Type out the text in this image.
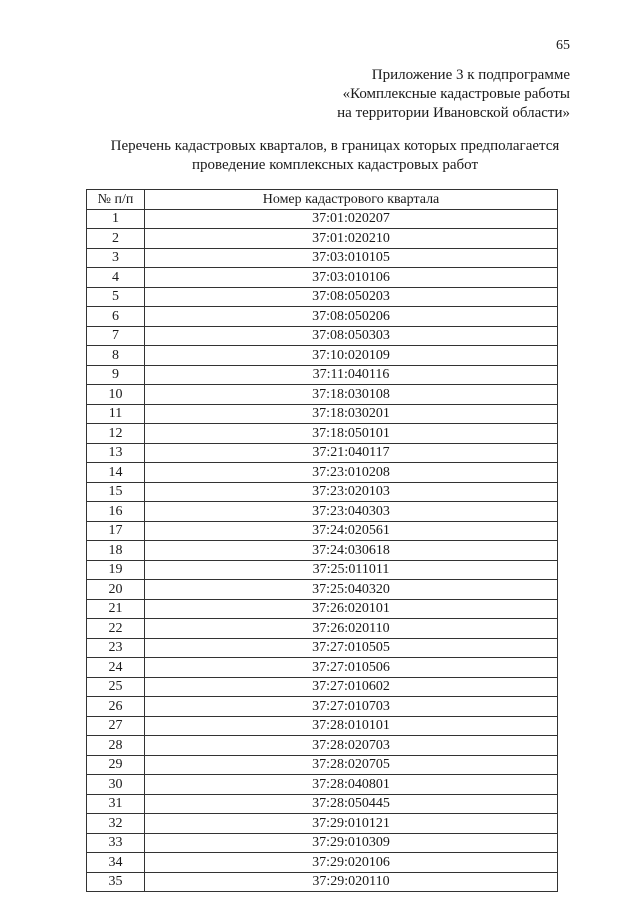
65
Приложение 3 к подпрограмме
«Комплексные кадастровые работы
на территории Ивановской области»
Перечень кадастровых кварталов, в границах которых предполагается
проведение комплексных кадастровых работ
№ п/п	Номер кадастрового квартала
1	37:01:020207
2	37:01:020210
3	37:03:010105
4	37:03:010106
5	37:08:050203
6	37:08:050206
7	37:08:050303
8	37:10:020109
9	37:11:040116
10	37:18:030108
11	37:18:030201
12	37:18:050101
13	37:21:040117
14	37:23:010208
15	37:23:020103
16	37:23:040303
17	37:24:020561
18	37:24:030618
19	37:25:011011
20	37:25:040320
21	37:26:020101
22	37:26:020110
23	37:27:010505
24	37:27:010506
25	37:27:010602
26	37:27:010703
27	37:28:010101
28	37:28:020703
29	37:28:020705
30	37:28:040801
31	37:28:050445
32	37:29:010121
33	37:29:010309
34	37:29:020106
35	37:29:020110
